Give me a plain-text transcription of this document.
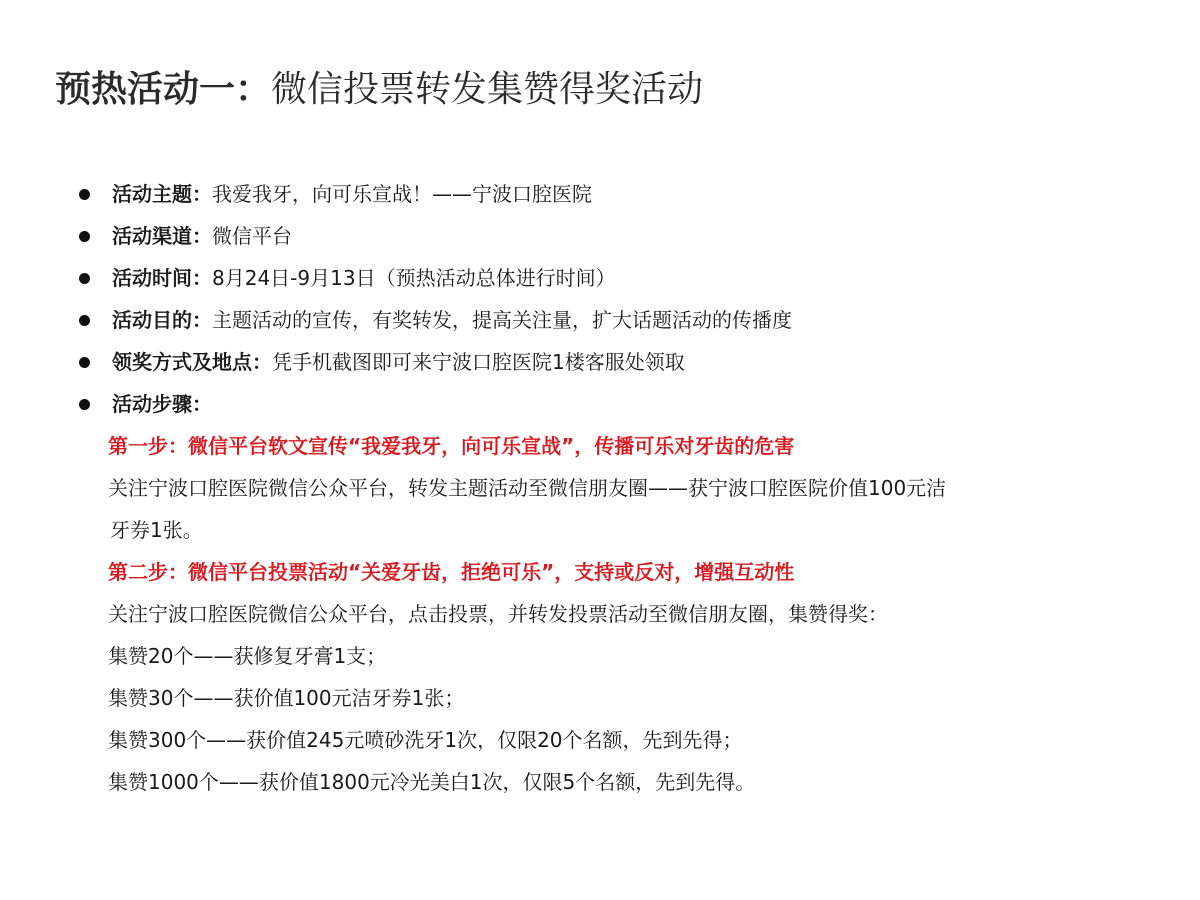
预热活动一：微信投票转发集赞得奖活动
活动主题：我爱我牙，向可乐宣战！——宁波口腔医院
活动渠道：微信平台
活动时间：8月24日-9月13日（预热活动总体进行时间）
活动目的：主题活动的宣传，有奖转发，提高关注量，扩大话题活动的传播度
领奖方式及地点：凭手机截图即可来宁波口腔医院1楼客服处领取
活动步骤：
第一步：微信平台软文宣传“我爱我牙，向可乐宣战”，传播可乐对牙齿的危害
关注宁波口腔医院微信公众平台，转发主题活动至微信朋友圈——获宁波口腔医院价值100元洁
牙券1张。
第二步：微信平台投票活动“关爱牙齿，拒绝可乐”，支持或反对，增强互动性
关注宁波口腔医院微信公众平台，点击投票，并转发投票活动至微信朋友圈，集赞得奖：
集赞20个——获修复牙膏1支；
集赞30个——获价值100元洁牙券1张；
集赞300个——获价值245元喷砂洗牙1次，仅限20个名额，先到先得；
集赞1000个——获价值1800元冷光美白1次，仅限5个名额，先到先得。
